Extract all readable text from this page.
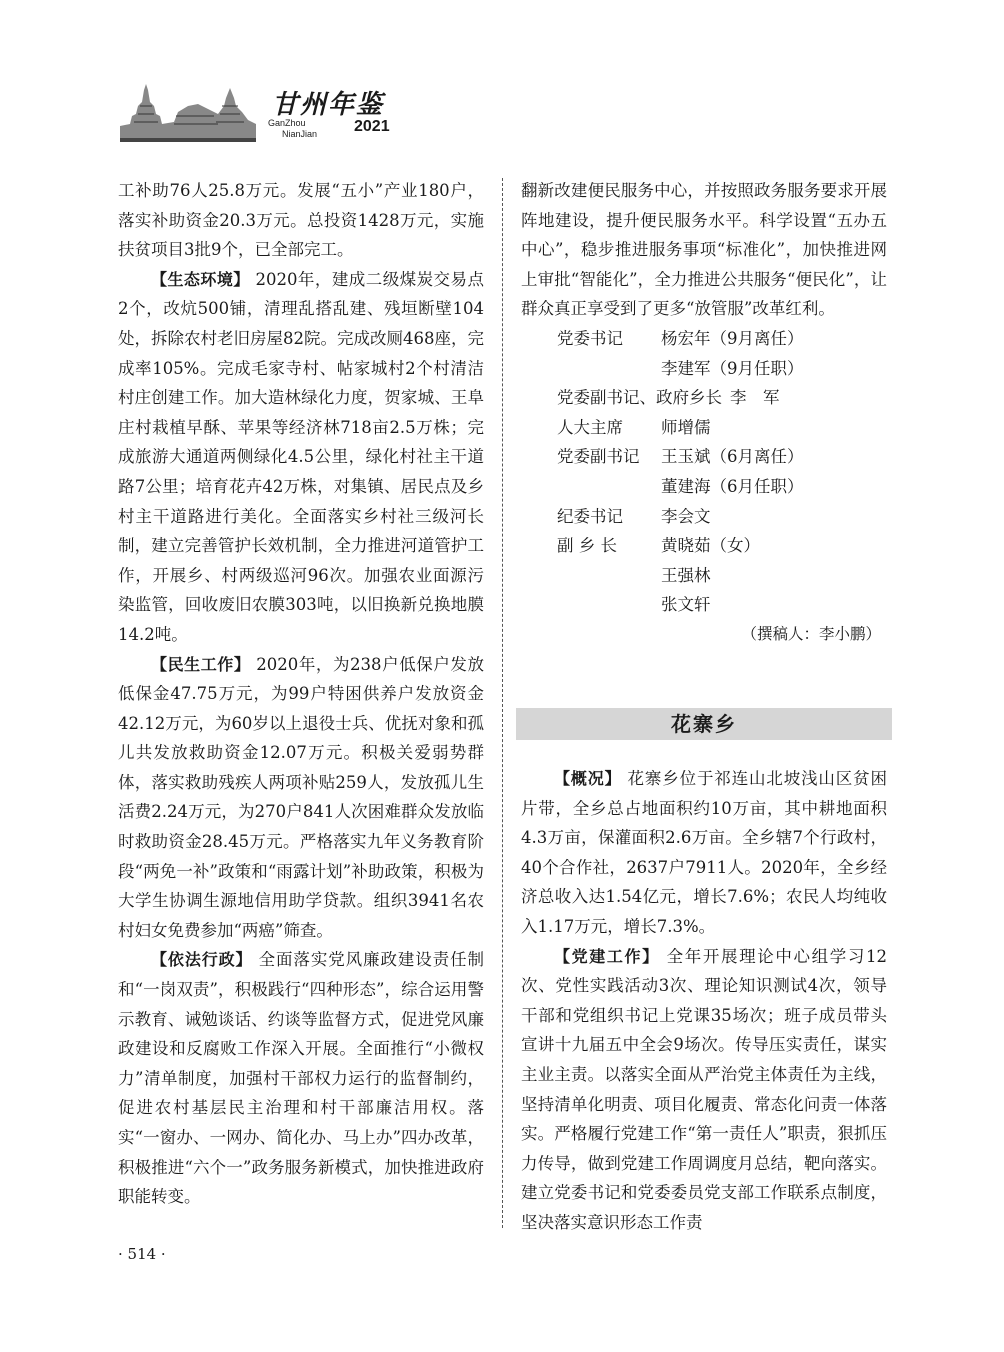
甘州年鉴
GanZhou
NianJian 2021

工补助76人25.8万元。发展“五小”产业180户，落实补助资金20.3万元。总投资1428万元，实施扶贫项目3批9个，已全部完工。

【生态环境】 2020年，建成二级煤炭交易点2个，改炕500铺，清理乱搭乱建、残垣断壁104处，拆除农村老旧房屋82院。完成改厕468座，完成率105%。完成毛家寺村、帖家城村2个村清洁村庄创建工作。加大造林绿化力度，贺家城、王阜庄村栽植早酥、苹果等经济林718亩2.5万株；完成旅游大通道两侧绿化4.5公里，绿化村社主干道路7公里；培育花卉42万株，对集镇、居民点及乡村主干道路进行美化。全面落实乡村社三级河长制，建立完善管护长效机制，全力推进河道管护工作，开展乡、村两级巡河96次。加强农业面源污染监管，回收废旧农膜303吨，以旧换新兑换地膜14.2吨。

【民生工作】 2020年，为238户低保户发放低保金47.75万元，为99户特困供养户发放资金42.12万元，为60岁以上退役士兵、优抚对象和孤儿共发放救助资金12.07万元。积极关爱弱势群体，落实救助残疾人两项补贴259人，发放孤儿生活费2.24万元，为270户841人次困难群众发放临时救助资金28.45万元。严格落实九年义务教育阶段“两免一补”政策和“雨露计划”补助政策，积极为大学生协调生源地信用助学贷款。组织3941名农村妇女免费参加“两癌”筛查。

【依法行政】 全面落实党风廉政建设责任制和“一岗双责”，积极践行“四种形态”，综合运用警示教育、诫勉谈话、约谈等监督方式，促进党风廉政建设和反腐败工作深入开展。全面推行“小微权力”清单制度，加强村干部权力运行的监督制约，促进农村基层民主治理和村干部廉洁用权。落实“一窗办、一网办、简化办、马上办”四办改革，积极推进“六个一”政务服务新模式，加快推进政府职能转变。

翻新改建便民服务中心，并按照政务服务要求开展阵地建设，提升便民服务水平。科学设置“五办五中心”，稳步推进服务事项“标准化”，加快推进网上审批“智能化”，全力推进公共服务“便民化”，让群众真正享受到了更多“放管服”改革红利。

党委书记	杨宏年（9月离任）
李建军（9月任职）
党委副书记、政府乡长 李　军
人大主席	师增儒
党委副书记	王玉斌（6月离任）
董建海（6月任职）
纪委书记	李会文
副 乡 长	黄晓茹（女）
王强林
张文轩

（撰稿人：李小鹏）

花寨乡

【概况】 花寨乡位于祁连山北坡浅山区贫困片带，全乡总占地面积约10万亩，其中耕地面积4.3万亩，保灌面积2.6万亩。全乡辖7个行政村，40个合作社，2637户7911人。2020年，全乡经济总收入达1.54亿元，增长7.6%；农民人均纯收入1.17万元，增长7.3%。

【党建工作】 全年开展理论中心组学习12次、党性实践活动3次、理论知识测试4次，领导干部和党组织书记上党课35场次；班子成员带头宣讲十九届五中全会9场次。传导压实责任，谋实主业主责。以落实全面从严治党主体责任为主线，坚持清单化明责、项目化履责、常态化问责一体落实。严格履行党建工作“第一责任人”职责，狠抓压力传导，做到党建工作周调度月总结，靶向落实。建立党委书记和党委委员党支部工作联系点制度，坚决落实意识形态工作责

· 514 ·
